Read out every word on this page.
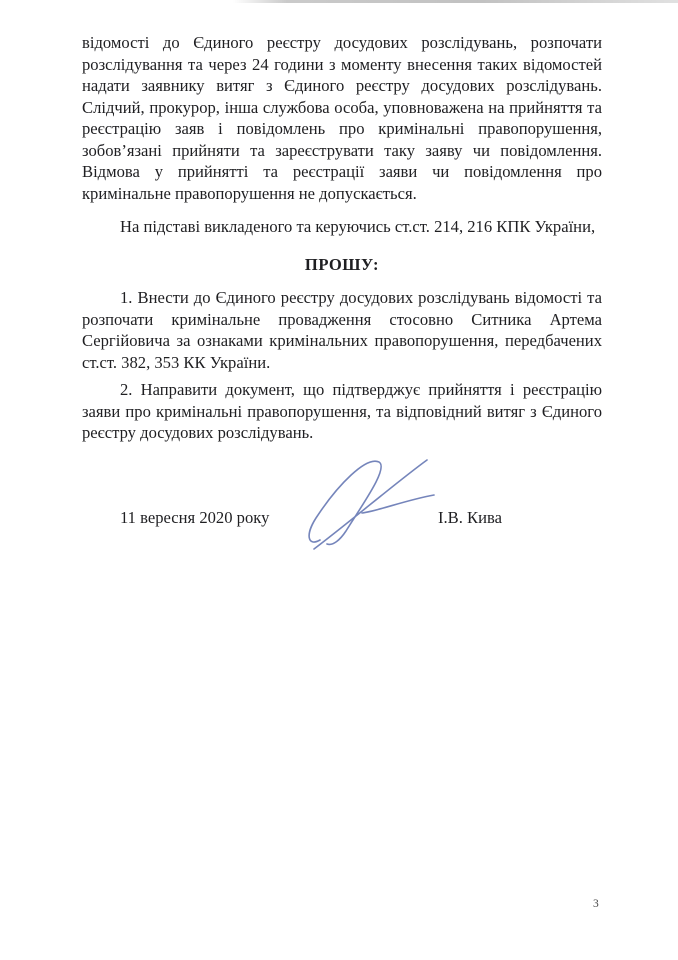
відомості до Єдиного реєстру досудових розслідувань, розпочати розслідування та через 24 години з моменту внесення таких відомостей надати заявнику витяг з Єдиного реєстру досудових розслідувань. Слідчий, прокурор, інша службова особа, уповноважена на прийняття та реєстрацію заяв і повідомлень про кримінальні правопорушення, зобов’язані прийняти та зареєструвати таку заяву чи повідомлення. Відмова у прийнятті та реєстрації заяви чи повідомлення про кримінальне правопорушення не допускається.

На підставі викладеного та керуючись ст.ст. 214, 216 КПК України,

ПРОШУ:

1. Внести до Єдиного реєстру досудових розслідувань відомості та розпочати кримінальне провадження стосовно Ситника Артема Сергійовича за ознаками кримінальних правопорушення, передбачених ст.ст. 382, 353 КК України.

2. Направити документ, що підтверджує прийняття і реєстрацію заяви про кримінальні правопорушення, та відповідний витяг з Єдиного реєстру досудових розслідувань.

11 вересня 2020 року	І.В. Кива
3
